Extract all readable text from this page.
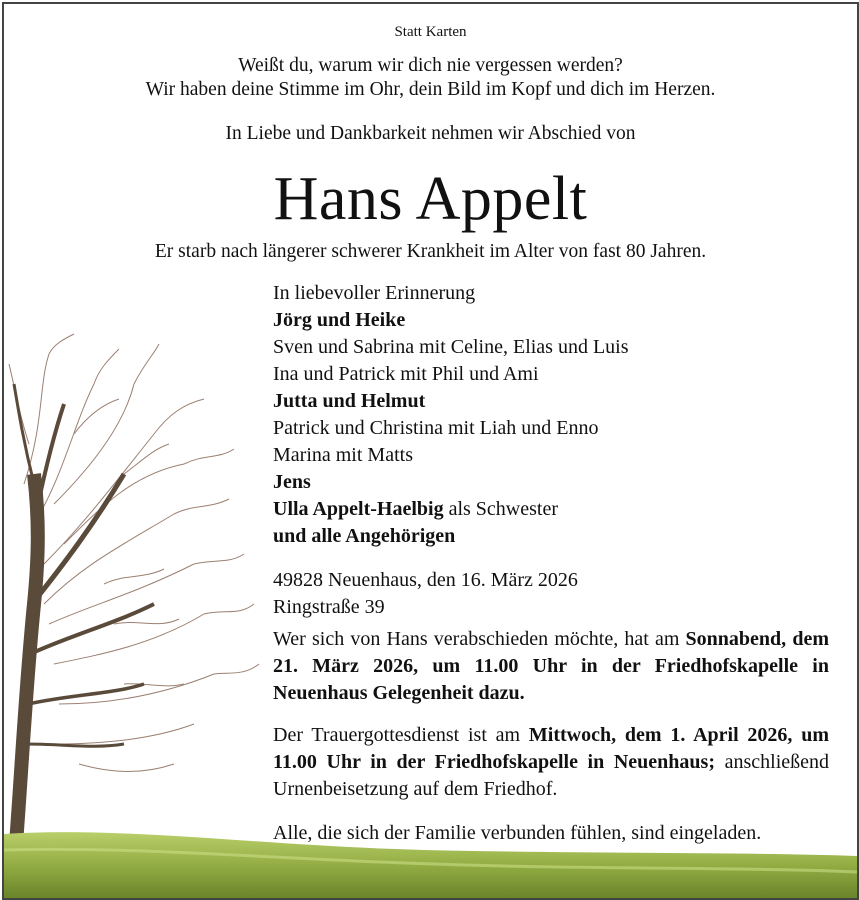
Statt Karten
Weißt du, warum wir dich nie vergessen werden?
Wir haben deine Stimme im Ohr, dein Bild im Kopf und dich im Herzen.
In Liebe und Dankbarkeit nehmen wir Abschied von
Hans Appelt
Er starb nach längerer schwerer Krankheit im Alter von fast 80 Jahren.
In liebevoller Erinnerung
Jörg und Heike
Sven und Sabrina mit Celine, Elias und Luis
Ina und Patrick mit Phil und Ami
Jutta und Helmut
Patrick und Christina mit Liah und Enno
Marina mit Matts
Jens
Ulla Appelt-Haelbig als Schwester
und alle Angehörigen
49828 Neuenhaus, den 16. März 2026
Ringstraße 39
Wer sich von Hans verabschieden möchte, hat am Sonnabend, dem 21. März 2026, um 11.00 Uhr in der Friedhofskapelle in Neuenhaus Gelegenheit dazu.
Der Trauergottesdienst ist am Mittwoch, dem 1. April 2026, um 11.00 Uhr in der Friedhofskapelle in Neuenhaus; anschließend Urnenbeisetzung auf dem Friedhof.
Alle, die sich der Familie verbunden fühlen, sind eingeladen.
